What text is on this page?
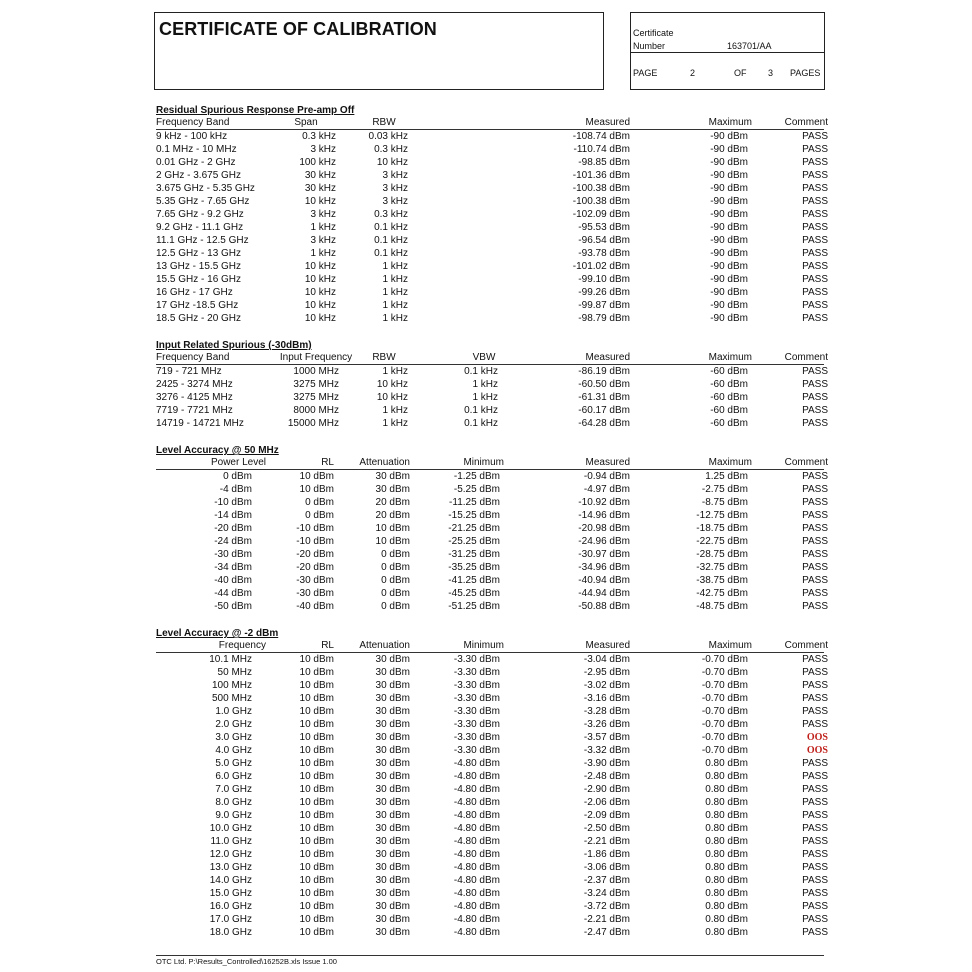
CERTIFICATE OF CALIBRATION	Certificate
Number	163701/AA
PAGE	2	OF 3 PAGES
Residual Spurious Response Pre-amp Off
Frequency Band	Span	RBW	Measured	Maximum	Comment
9 kHz - 100 kHz	0.3 kHz	0.03 kHz	-108.74 dBm	-90 dBm	PASS
0.1 MHz - 10 MHz	3 kHz	0.3 kHz	-110.74 dBm	-90 dBm	PASS
0.01 GHz - 2 GHz	100 kHz	10 kHz	-98.85 dBm	-90 dBm	PASS
2 GHz - 3.675 GHz	30 kHz	3 kHz	-101.36 dBm	-90 dBm	PASS
3.675 GHz - 5.35 GHz	30 kHz	3 kHz	-100.38 dBm	-90 dBm	PASS
5.35 GHz - 7.65 GHz	10 kHz	3 kHz	-100.38 dBm	-90 dBm	PASS
7.65 GHz - 9.2 GHz	3 kHz	0.3 kHz	-102.09 dBm	-90 dBm	PASS
9.2 GHz - 11.1 GHz	1 kHz	0.1 kHz	-95.53 dBm	-90 dBm	PASS
11.1 GHz - 12.5 GHz	3 kHz	0.1 kHz	-96.54 dBm	-90 dBm	PASS
12.5 GHz - 13 GHz	1 kHz	0.1 kHz	-93.78 dBm	-90 dBm	PASS
13 GHz - 15.5 GHz	10 kHz	1 kHz	-101.02 dBm	-90 dBm	PASS
15.5 GHz - 16 GHz	10 kHz	1 kHz	-99.10 dBm	-90 dBm	PASS
16 GHz - 17 GHz	10 kHz	1 kHz	-99.26 dBm	-90 dBm	PASS
17 GHz -18.5 GHz	10 kHz	1 kHz	-99.87 dBm	-90 dBm	PASS
18.5 GHz - 20 GHz	10 kHz	1 kHz	-98.79 dBm	-90 dBm	PASS
Input Related Spurious (-30dBm)
Frequency Band	Input Frequency	RBW	VBW	Measured	Maximum	Comment
719 - 721 MHz	1000 MHz	1 kHz	0.1 kHz	-86.19 dBm	-60 dBm	PASS
2425 - 3274 MHz	3275 MHz	10 kHz	1 kHz	-60.50 dBm	-60 dBm	PASS
3276 - 4125 MHz	3275 MHz	10 kHz	1 kHz	-61.31 dBm	-60 dBm	PASS
7719 - 7721 MHz	8000 MHz	1 kHz	0.1 kHz	-60.17 dBm	-60 dBm	PASS
14719 - 14721 MHz	15000 MHz	1 kHz	0.1 kHz	-64.28 dBm	-60 dBm	PASS
Level Accuracy @ 50 MHz
Power Level	RL	Attenuation	Minimum	Measured	Maximum	Comment
0 dBm	10 dBm	30 dBm	-1.25 dBm	-0.94 dBm	1.25 dBm	PASS
-4 dBm	10 dBm	30 dBm	-5.25 dBm	-4.97 dBm	-2.75 dBm	PASS
-10 dBm	0 dBm	20 dBm	-11.25 dBm	-10.92 dBm	-8.75 dBm	PASS
-14 dBm	0 dBm	20 dBm	-15.25 dBm	-14.96 dBm	-12.75 dBm	PASS
-20 dBm	-10 dBm	10 dBm	-21.25 dBm	-20.98 dBm	-18.75 dBm	PASS
-24 dBm	-10 dBm	10 dBm	-25.25 dBm	-24.96 dBm	-22.75 dBm	PASS
-30 dBm	-20 dBm	0 dBm	-31.25 dBm	-30.97 dBm	-28.75 dBm	PASS
-34 dBm	-20 dBm	0 dBm	-35.25 dBm	-34.96 dBm	-32.75 dBm	PASS
-40 dBm	-30 dBm	0 dBm	-41.25 dBm	-40.94 dBm	-38.75 dBm	PASS
-44 dBm	-30 dBm	0 dBm	-45.25 dBm	-44.94 dBm	-42.75 dBm	PASS
-50 dBm	-40 dBm	0 dBm	-51.25 dBm	-50.88 dBm	-48.75 dBm	PASS
Level Accuracy @ -2 dBm
Frequency	RL	Attenuation	Minimum	Measured	Maximum	Comment
10.1 MHz	10 dBm	30 dBm	-3.30 dBm	-3.04 dBm	-0.70 dBm	PASS
50 MHz	10 dBm	30 dBm	-3.30 dBm	-2.95 dBm	-0.70 dBm	PASS
100 MHz	10 dBm	30 dBm	-3.30 dBm	-3.02 dBm	-0.70 dBm	PASS
500 MHz	10 dBm	30 dBm	-3.30 dBm	-3.16 dBm	-0.70 dBm	PASS
1.0 GHz	10 dBm	30 dBm	-3.30 dBm	-3.28 dBm	-0.70 dBm	PASS
2.0 GHz	10 dBm	30 dBm	-3.30 dBm	-3.26 dBm	-0.70 dBm	PASS
3.0 GHz	10 dBm	30 dBm	-3.30 dBm	-3.57 dBm	-0.70 dBm	OOS
4.0 GHz	10 dBm	30 dBm	-3.30 dBm	-3.32 dBm	-0.70 dBm	OOS
5.0 GHz	10 dBm	30 dBm	-4.80 dBm	-3.90 dBm	0.80 dBm	PASS
6.0 GHz	10 dBm	30 dBm	-4.80 dBm	-2.48 dBm	0.80 dBm	PASS
7.0 GHz	10 dBm	30 dBm	-4.80 dBm	-2.90 dBm	0.80 dBm	PASS
8.0 GHz	10 dBm	30 dBm	-4.80 dBm	-2.06 dBm	0.80 dBm	PASS
9.0 GHz	10 dBm	30 dBm	-4.80 dBm	-2.09 dBm	0.80 dBm	PASS
10.0 GHz	10 dBm	30 dBm	-4.80 dBm	-2.50 dBm	0.80 dBm	PASS
11.0 GHz	10 dBm	30 dBm	-4.80 dBm	-2.21 dBm	0.80 dBm	PASS
12.0 GHz	10 dBm	30 dBm	-4.80 dBm	-1.86 dBm	0.80 dBm	PASS
13.0 GHz	10 dBm	30 dBm	-4.80 dBm	-3.06 dBm	0.80 dBm	PASS
14.0 GHz	10 dBm	30 dBm	-4.80 dBm	-2.37 dBm	0.80 dBm	PASS
15.0 GHz	10 dBm	30 dBm	-4.80 dBm	-3.24 dBm	0.80 dBm	PASS
16.0 GHz	10 dBm	30 dBm	-4.80 dBm	-3.72 dBm	0.80 dBm	PASS
17.0 GHz	10 dBm	30 dBm	-4.80 dBm	-2.21 dBm	0.80 dBm	PASS
18.0 GHz	10 dBm	30 dBm	-4.80 dBm	-2.47 dBm	0.80 dBm	PASS
OTC Ltd. P:\Results_Controlled\16252B.xls Issue 1.00
